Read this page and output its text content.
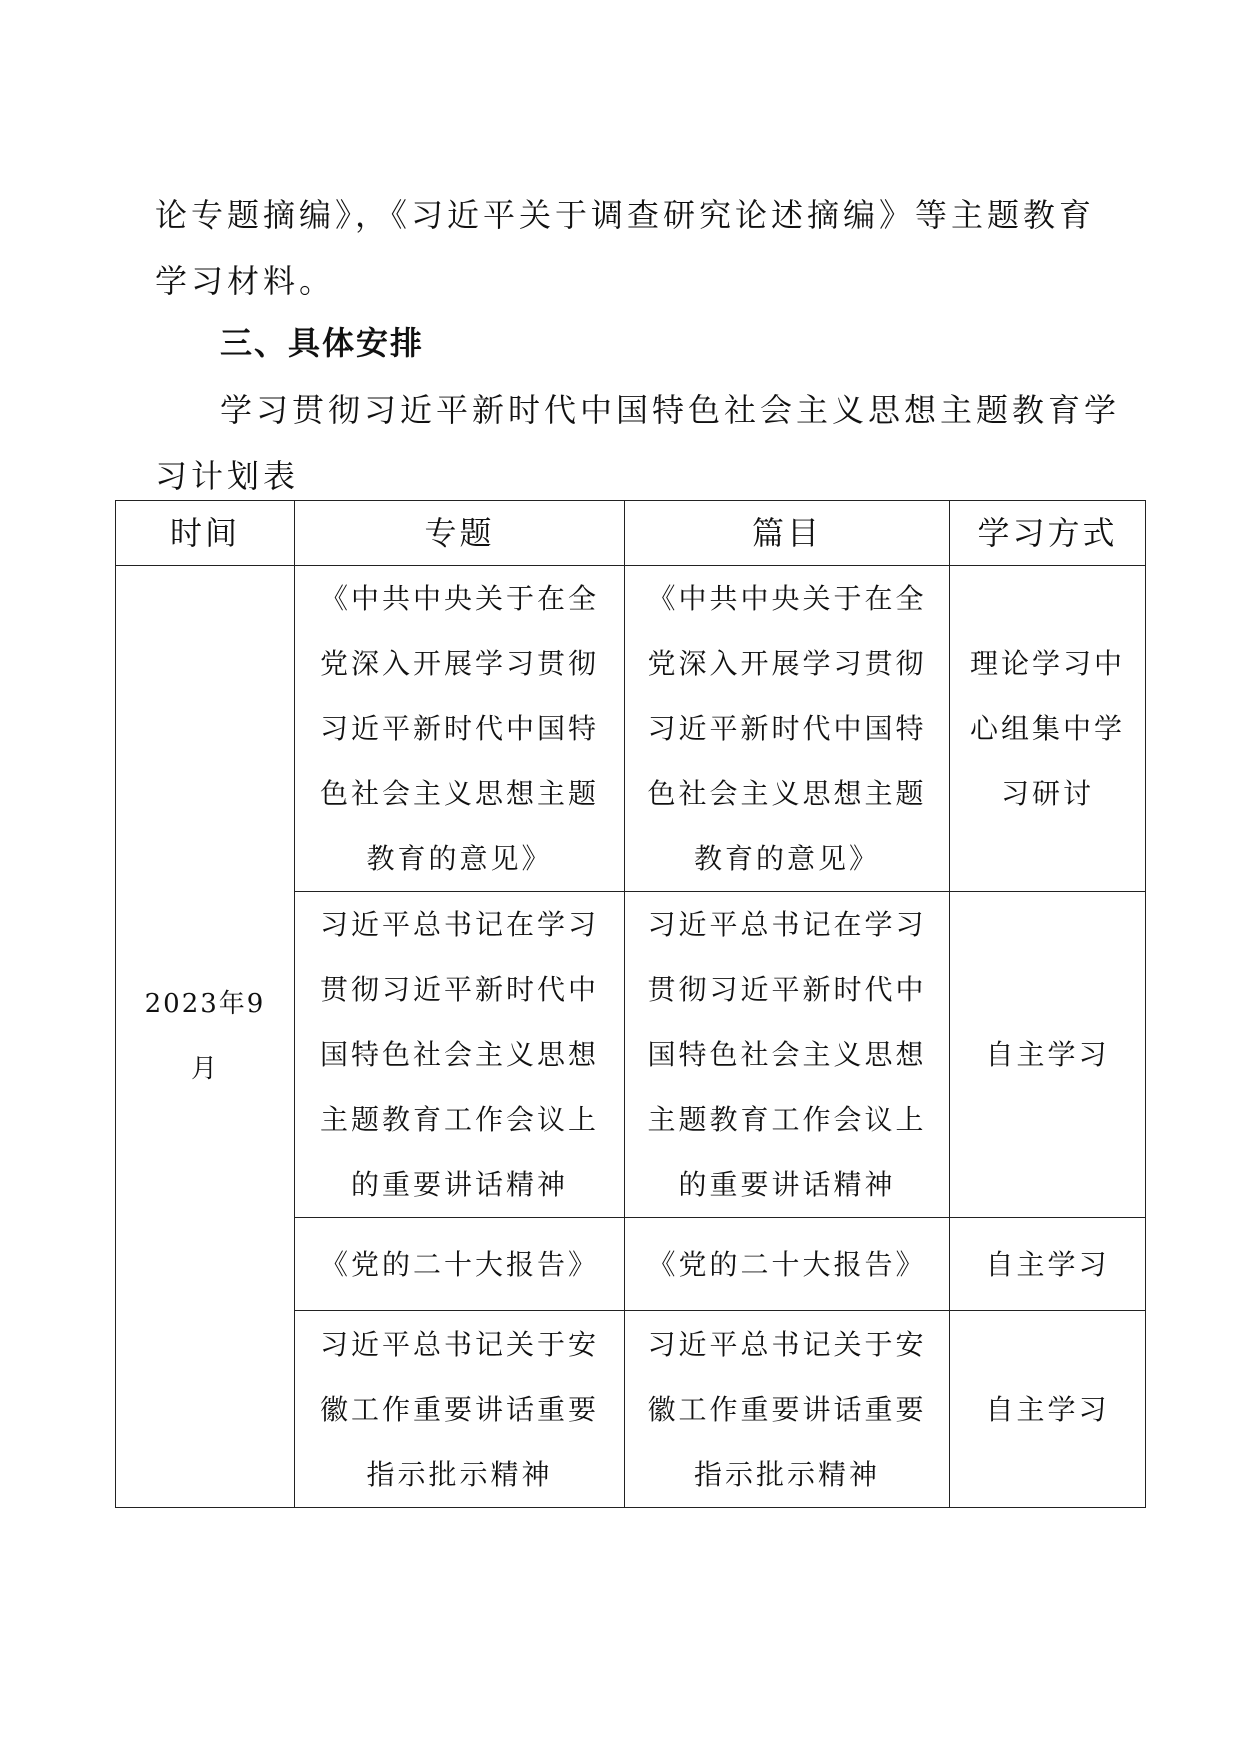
论专题摘编》，《习近平关于调查研究论述摘编》等主题教育

学习材料。

三、具体安排

学习贯彻习近平新时代中国特色社会主义思想主题教育学

习计划表

时间	专题	篇目	学习方式
2023年9月	《中共中央关于在全党深入开展学习贯彻习近平新时代中国特色社会主义思想主题教育的意见》	《中共中央关于在全党深入开展学习贯彻习近平新时代中国特色社会主义思想主题教育的意见》	理论学习中心组集中学习研讨
	习近平总书记在学习贯彻习近平新时代中国特色社会主义思想主题教育工作会议上的重要讲话精神	习近平总书记在学习贯彻习近平新时代中国特色社会主义思想主题教育工作会议上的重要讲话精神	自主学习
	《党的二十大报告》	《党的二十大报告》	自主学习
	习近平总书记关于安徽工作重要讲话重要指示批示精神	习近平总书记关于安徽工作重要讲话重要指示批示精神	自主学习
